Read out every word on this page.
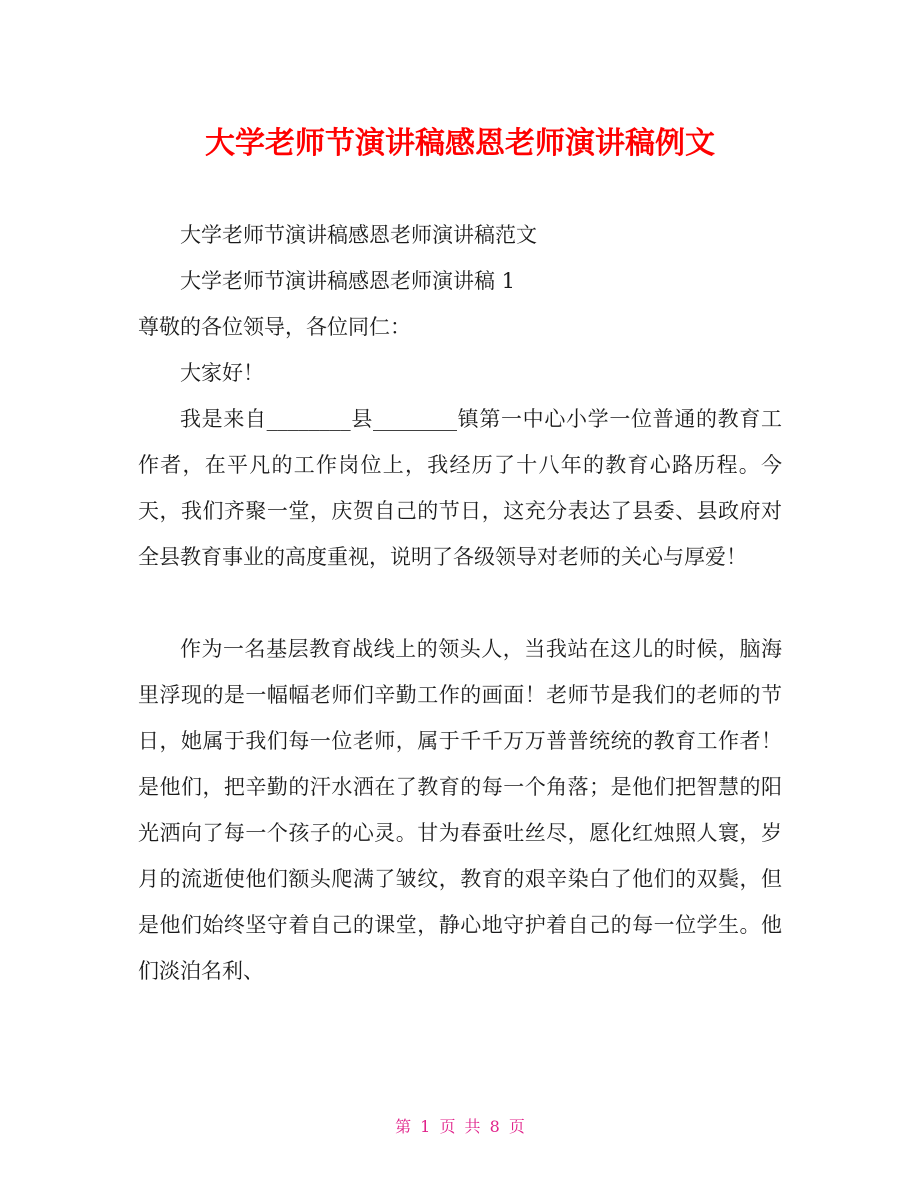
大学老师节演讲稿感恩老师演讲稿例文

大学老师节演讲稿感恩老师演讲稿范文

大学老师节演讲稿感恩老师演讲稿 1

尊敬的各位领导，各位同仁：

大家好！

我是来自________县________镇第一中心小学一位普通的教育工作者，在平凡的工作岗位上，我经历了十八年的教育心路历程。今天，我们齐聚一堂，庆贺自己的节日，这充分表达了县委、县政府对全县教育事业的高度重视，说明了各级领导对老师的关心与厚爱！

作为一名基层教育战线上的领头人，当我站在这儿的时候，脑海里浮现的是一幅幅老师们辛勤工作的画面！老师节是我们的老师的节日，她属于我们每一位老师，属于千千万万普普统统的教育工作者！是他们，把辛勤的汗水洒在了教育的每一个角落；是他们把智慧的阳光洒向了每一个孩子的心灵。甘为春蚕吐丝尽，愿化红烛照人寰，岁月的流逝使他们额头爬满了皱纹，教育的艰辛染白了他们的双鬓，但是他们始终坚守着自己的课堂，静心地守护着自己的每一位学生。他们淡泊名利、

第 1 页 共 8 页
